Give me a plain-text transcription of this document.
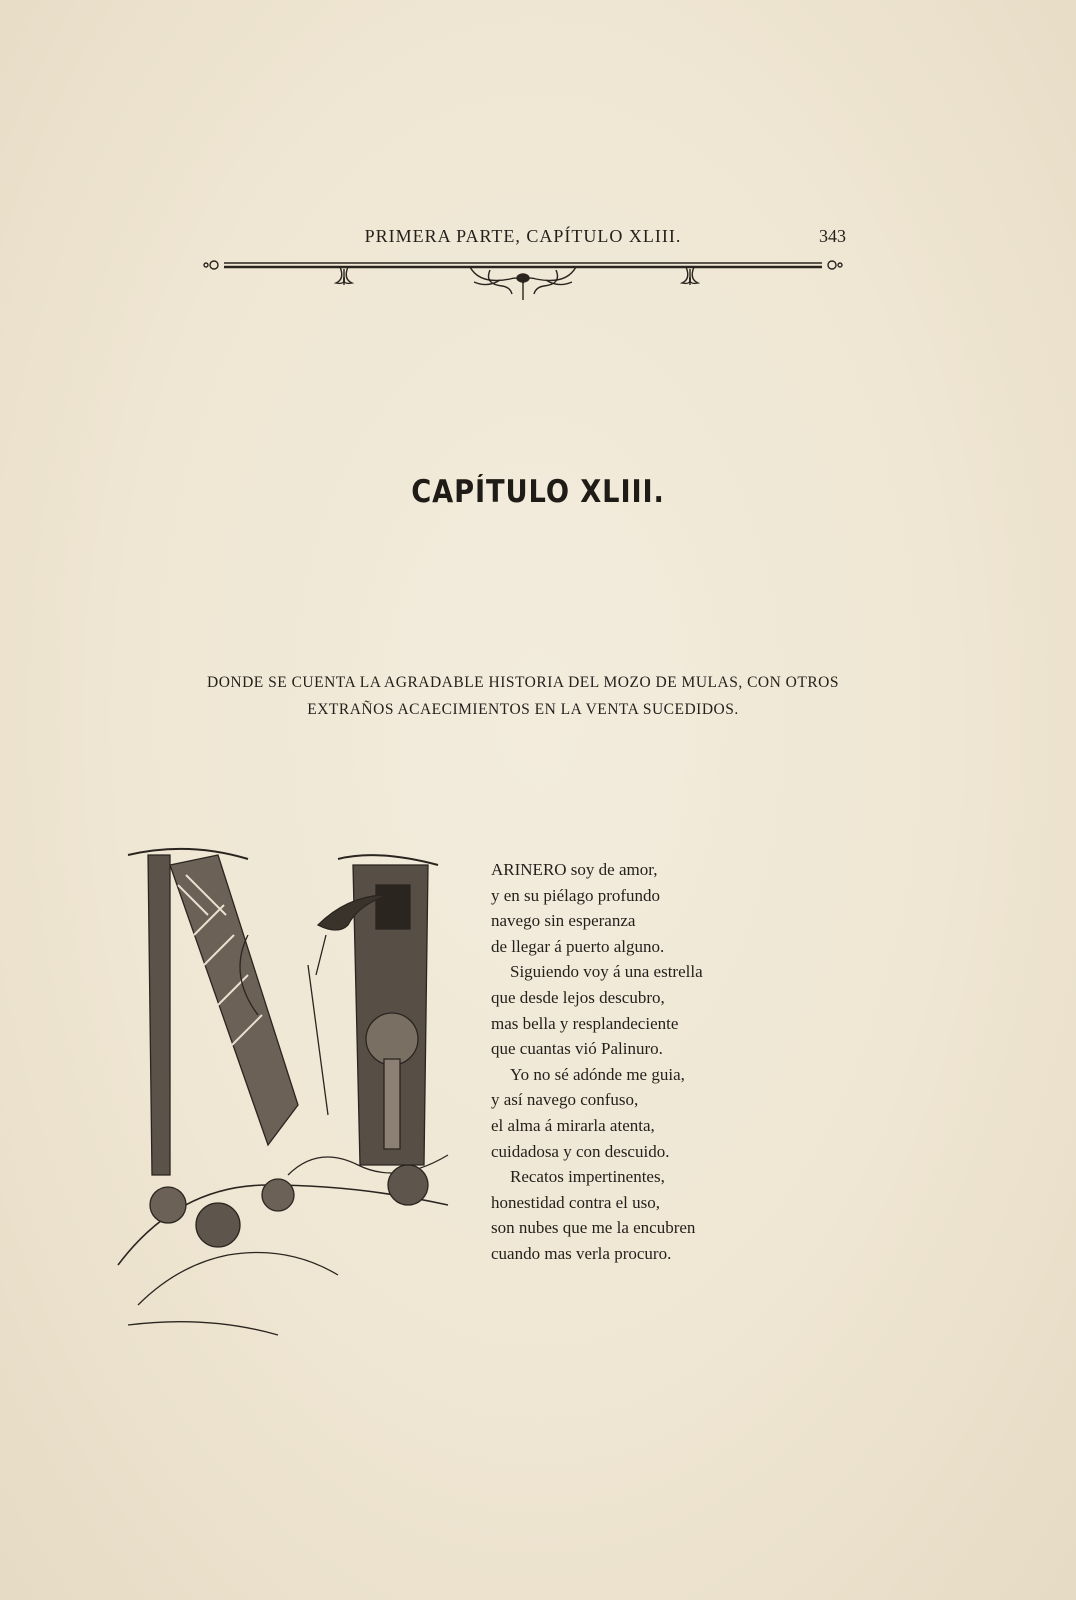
PRIMERA PARTE, CAPÍTULO XLIII.	343
CAPÍTULO XLIII.
DONDE SE CUENTA LA AGRADABLE HISTORIA DEL MOZO DE MULAS, CON OTROS
EXTRAÑOS ACAECIMIENTOS EN LA VENTA SUCEDIDOS.
ARINERO soy de amor,
y en su piélago profundo
navego sin esperanza
de llegar á puerto alguno.
Siguiendo voy á una estrella
que desde lejos descubro,
mas bella y resplandeciente
que cuantas vió Palinuro.
Yo no sé adónde me guia,
y así navego confuso,
el alma á mirarla atenta,
cuidadosa y con descuido.
Recatos impertinentes,
honestidad contra el uso,
son nubes que me la encubren
cuando mas verla procuro.
